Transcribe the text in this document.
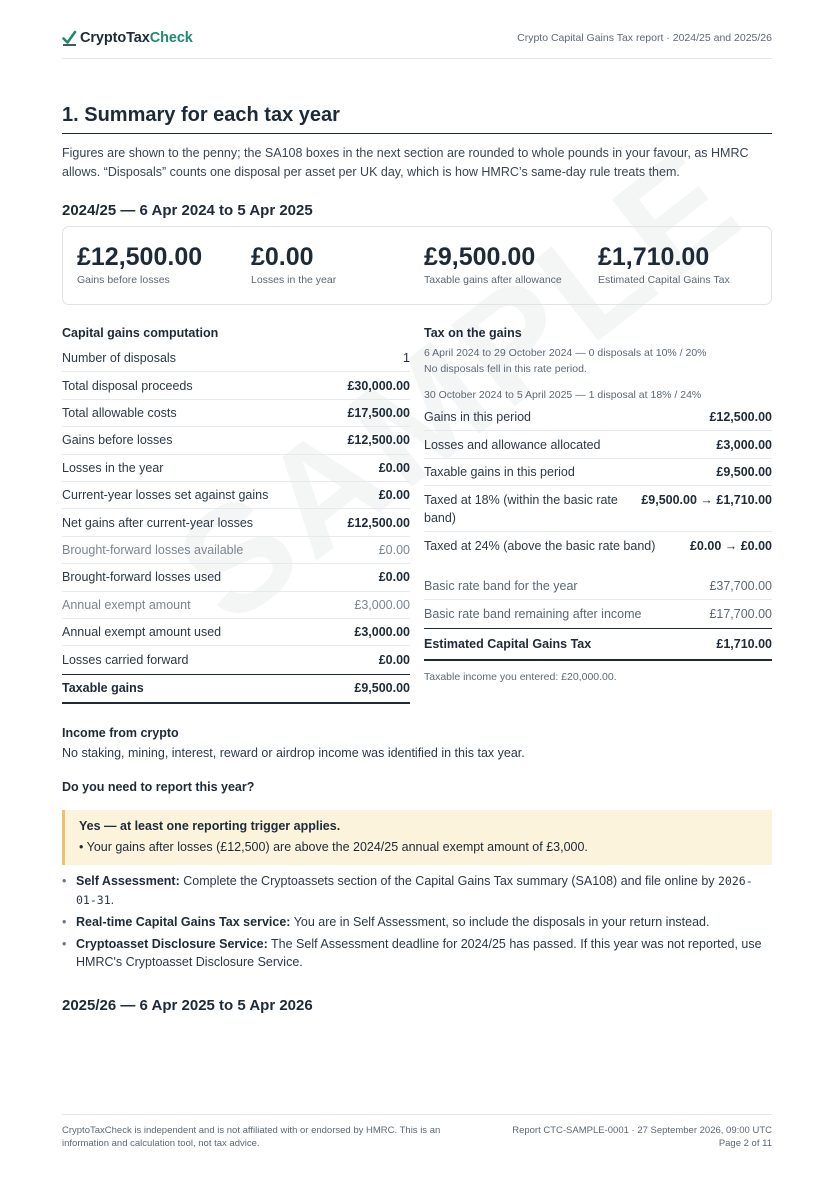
CryptoTax Check	Crypto Capital Gains Tax report · 2024/25 and 2025/26
1. Summary for each tax year
Figures are shown to the penny; the SA108 boxes in the next section are rounded to whole pounds in your favour, as HMRC allows. “Disposals” counts one disposal per asset per UK day, which is how HMRC’s same-day rule treats them.
2024/25 — 6 Apr 2024 to 5 Apr 2025
£12,500.00
Gains before losses
£0.00
Losses in the year
£9,500.00
Taxable gains after allowance
£1,710.00
Estimated Capital Gains Tax
Capital gains computation
Number of disposals	1
Total disposal proceeds	£30,000.00
Total allowable costs	£17,500.00
Gains before losses	£12,500.00
Losses in the year	£0.00
Current-year losses set against gains	£0.00
Net gains after current-year losses	£12,500.00
Brought-forward losses available	£0.00
Brought-forward losses used	£0.00
Annual exempt amount	£3,000.00
Annual exempt amount used	£3,000.00
Losses carried forward	£0.00
Taxable gains	£9,500.00
Tax on the gains
6 April 2024 to 29 October 2024 — 0 disposals at 10% / 20%
No disposals fell in this rate period.
30 October 2024 to 5 April 2025 — 1 disposal at 18% / 24%
Gains in this period	£12,500.00
Losses and allowance allocated	£3,000.00
Taxable gains in this period	£9,500.00
Taxed at 18% (within the basic rate band)
£9,500.00 → £1,710.00
Taxed at 24% (above the basic rate band)	£0.00 → £0.00
Basic rate band for the year	£37,700.00
Basic rate band remaining after income	£17,700.00
Estimated Capital Gains Tax	£1,710.00
Taxable income you entered: £20,000.00.
Income from crypto
No staking, mining, interest, reward or airdrop income was identified in this tax year.
Do you need to report this year?
Yes — at least one reporting trigger applies.
• Your gains after losses (£12,500) are above the 2024/25 annual exempt amount of £3,000.
• Self Assessment: Complete the Cryptoassets section of the Capital Gains Tax summary (SA108) and file online by 2026-01-31.
• Real-time Capital Gains Tax service: You are in Self Assessment, so include the disposals in your return instead.
• Cryptoasset Disclosure Service: The Self Assessment deadline for 2024/25 has passed. If this year was not reported, use HMRC's Cryptoasset Disclosure Service.
2025/26 — 6 Apr 2025 to 5 Apr 2026
CryptoTaxCheck is independent and is not affiliated with or endorsed by HMRC. This is an information and calculation tool, not tax advice.
Report CTC-SAMPLE-0001 · 27 September 2026, 09:00 UTC
Page 2 of 11
